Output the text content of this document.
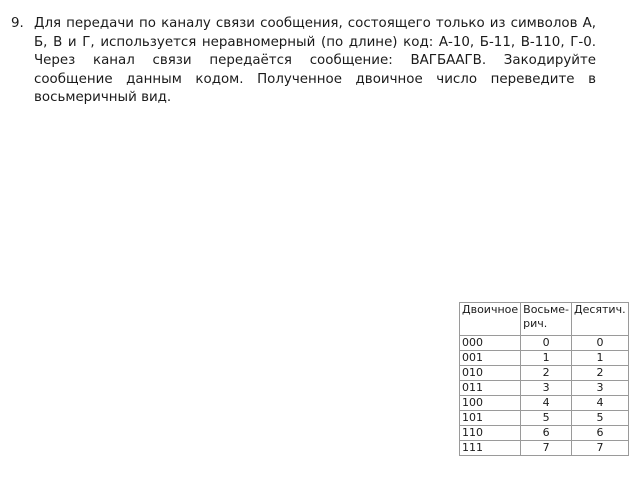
9. Для передачи по каналу связи сообщения, состоящего только из символов А, Б, В и Г, используется неравномерный (по длине) код: А-10, Б-11, В-110, Г-0. Через канал связи передаётся сообщение: ВАГБААГВ. Закодируйте сообщение данным кодом. Полученное двоичное число переведите в восьмеричный вид.

Двоичное	Восьме-рич.	Десятич.
000	0	0
001	1	1
010	2	2
011	3	3
100	4	4
101	5	5
110	6	6
111	7	7
